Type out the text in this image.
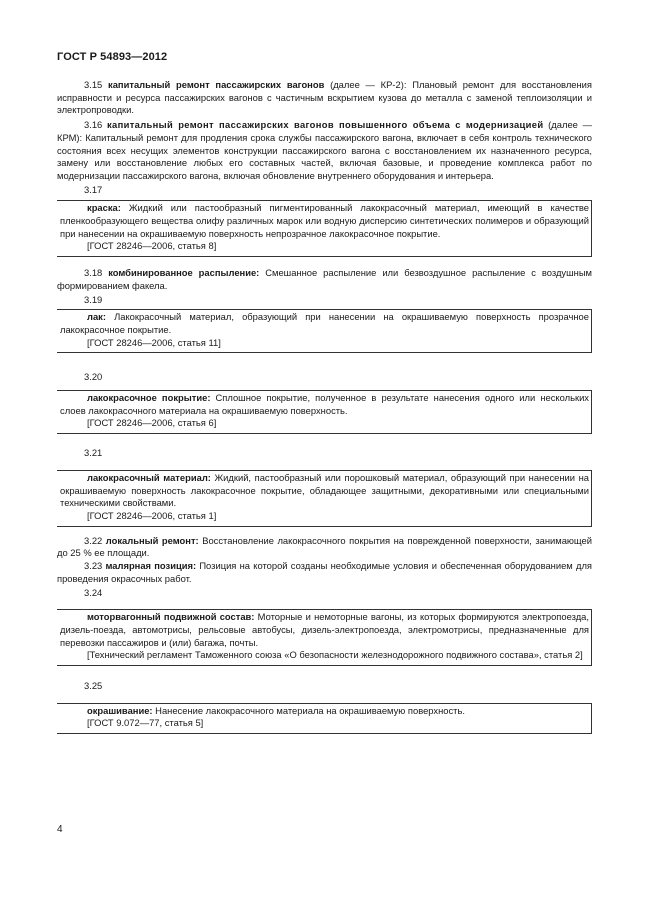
ГОСТ Р 54893—2012

3.15 капитальный ремонт пассажирских вагонов (далее — КР-2): Плановый ремонт для восстановления исправности и ресурса пассажирских вагонов с частичным вскрытием кузова до металла с заменой теплоизоляции и электропроводки.

3.16 капитальный ремонт пассажирских вагонов повышенного объема с модернизацией (далее — КРМ): Капитальный ремонт для продления срока службы пассажирского вагона, включает в себя контроль технического состояния всех несущих элементов конструкции пассажирского вагона с восстановлением их назначенного ресурса, замену или восстановление любых его составных частей, включая базовые, и проведение комплекса работ по модернизации пассажирского вагона, включая обновление внутреннего оборудования и интерьера.

3.17

краска: Жидкий или пастообразный пигментированный лакокрасочный материал, имеющий в качестве пленкообразующего вещества олифу различных марок или водную дисперсию синтетических полимеров и образующий при нанесении на окрашиваемую поверхность непрозрачное лакокрасочное покрытие.

[ГОСТ 28246—2006, статья 8]

3.18 комбинированное распыление: Смешанное распыление или безвоздушное распыление с воздушным формированием факела.

3.19

лак: Лакокрасочный материал, образующий при нанесении на окрашиваемую поверхность прозрачное лакокрасочное покрытие.

[ГОСТ 28246—2006, статья 11]

3.20

лакокрасочное покрытие: Сплошное покрытие, полученное в результате нанесения одного или нескольких слоев лакокрасочного материала на окрашиваемую поверхность.

[ГОСТ 28246—2006, статья 6]

3.21

лакокрасочный материал: Жидкий, пастообразный или порошковый материал, образующий при нанесении на окрашиваемую поверхность лакокрасочное покрытие, обладающее защитными, декоративными или специальными техническими свойствами.

[ГОСТ 28246—2006, статья 1]

3.22 локальный ремонт: Восстановление лакокрасочного покрытия на поврежденной поверхности, занимающей до 25 % ее площади.

3.23 малярная позиция: Позиция на которой созданы необходимые условия и обеспеченная оборудованием для проведения окрасочных работ.

3.24

моторвагонный подвижной состав: Моторные и немоторные вагоны, из которых формируются электропоезда, дизель-поезда, автомотрисы, рельсовые автобусы, дизель-электропоезда, электромотрисы, предназначенные для перевозки пассажиров и (или) багажа, почты.

[Технический регламент Таможенного союза «О безопасности железнодорожного подвижного состава», статья 2]

3.25

окрашивание: Нанесение лакокрасочного материала на окрашиваемую поверхность.

[ГОСТ 9.072—77, статья 5]

4
